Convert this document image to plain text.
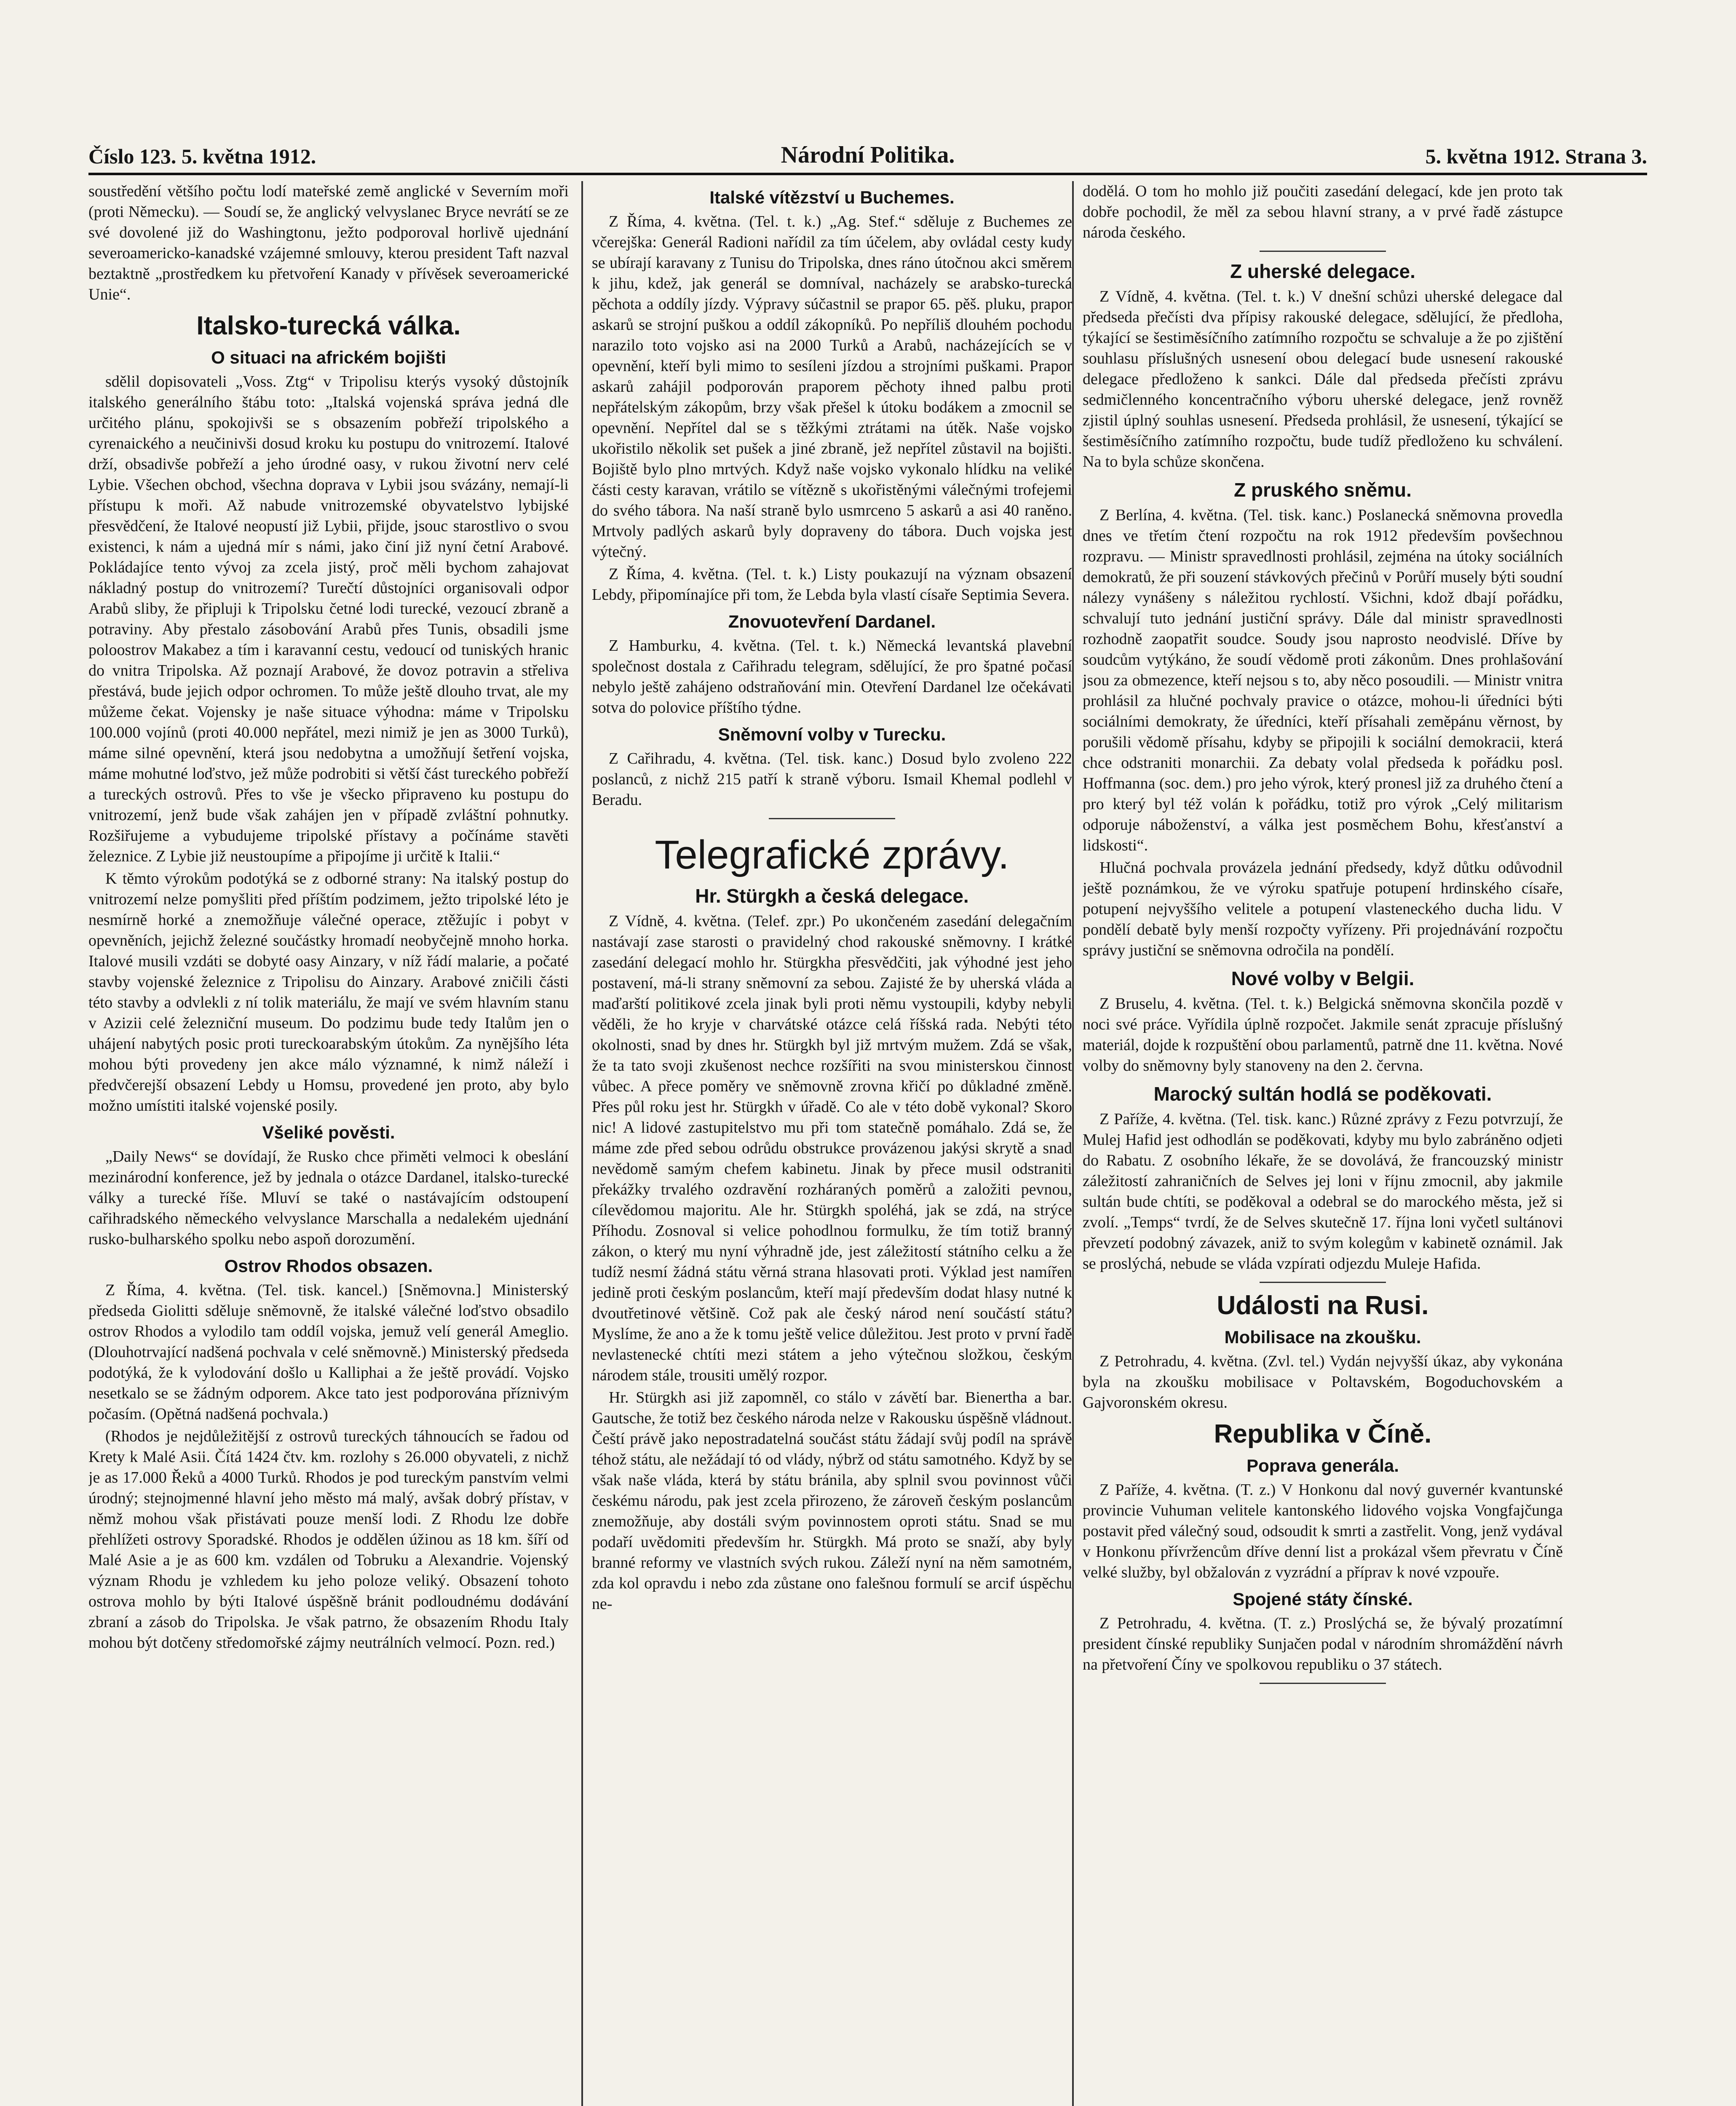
Číslo 123. 5. května 1912.	Národní Politika.	5. května 1912. Strana 3.

soustředění většího počtu lodí mateřské země anglické v Severním moři (proti Německu). — Soudí se, že anglický velvyslanec Bryce nevrátí se ze své dovolené již do Washingtonu, ježto podporoval horlivě ujednání severoamericko-kanadské vzájemné smlouvy, kterou president Taft nazval beztaktně „prostředkem ku přetvoření Kanady v přívěsek severoamerické Unie“.

Italsko-turecká válka.
O situaci na africkém bojišti

sdělil dopisovateli „Voss. Ztg“ v Tripolisu kterýs vysoký důstojník italského generálního štábu toto: „Italská vojenská správa jedná dle určitého plánu, spokojivši se s obsazením pobřeží tripolského a cyrenaického a neučinivši dosud kroku ku postupu do vnitrozemí. Italové drží, obsadivše pobřeží a jeho úrodné oasy, v rukou životní nerv celé Lybie. Všechen obchod, všechna doprava v Lybii jsou svázány, nemají-li přístupu k moři. Až nabude vnitrozemské obyvatelstvo lybijské přesvědčení, že Italové neopustí již Lybii, přijde, jsouc starostlivo o svou existenci, k nám a ujedná mír s námi, jako činí již nyní četní Arabové. Pokládajíce tento vývoj za zcela jistý, proč měli bychom zahajovat nákladný postup do vnitrozemí? Turečtí důstojníci organisovali odpor Arabů sliby, že připluji k Tripolsku četné lodi turecké, vezoucí zbraně a potraviny. Aby přestalo zásobování Arabů přes Tunis, obsadili jsme poloostrov Makabez a tím i karavanní cestu, vedoucí od tuniských hranic do vnitra Tripolska. Až poznají Arabové, že dovoz potravin a střeliva přestává, bude jejich odpor ochromen. To může ještě dlouho trvat, ale my můžeme čekat. Vojensky je naše situace výhodna: máme v Tripolsku 100.000 vojínů (proti 40.000 nepřátel, mezi nimiž je jen as 3000 Turků), máme silné opevnění, která jsou nedobytna a umožňují šetření vojska, máme mohutné loďstvo, jež může podrobiti si větší část tureckého pobřeží a tureckých ostrovů. Přes to vše je všecko připraveno ku postupu do vnitrozemí, jenž bude však zahájen jen v případě zvláštní pohnutky. Rozšiřujeme a vybudujeme tripolské přístavy a počínáme stavěti železnice. Z Lybie již neustoupíme a připojíme ji určitě k Italii.“

K těmto výrokům podotýká se z odborné strany: Na italský postup do vnitrozemí nelze pomyšliti před příštím podzimem, ježto tripolské léto je nesmírně horké a znemožňuje válečné operace, ztěžujíc i pobyt v opevněních, jejichž železné součástky hromadí neobyčejně mnoho horka. Italové musili vzdáti se dobyté oasy Ainzary, v níž řádí malarie, a počaté stavby vojenské železnice z Tripolisu do Ainzary. Arabové zničili části této stavby a odvlekli z ní tolik materiálu, že mají ve svém hlavním stanu v Azizii celé železniční museum. Do podzimu bude tedy Italům jen o uhájení nabytých posic proti tureckoarabským útokům. Za nynějšího léta mohou býti provedeny jen akce málo významné, k nimž náleží i předvčerejší obsazení Lebdy u Homsu, provedené jen proto, aby bylo možno umístiti italské vojenské posily.

Všeliké pověsti.

„Daily News“ se dovídají, že Rusko chce přiměti velmoci k obeslání mezinárodní konference, jež by jednala o otázce Dardanel, italsko-turecké války a turecké říše. Mluví se také o nastávajícím odstoupení cařihradského německého velvyslance Marschalla a nedalekém ujednání rusko-bulharského spolku nebo aspoň dorozumění.

Ostrov Rhodos obsazen.

Z Říma, 4. května. (Tel. tisk. kancel.) [Sněmovna.] Ministerský předseda Giolitti sděluje sněmovně, že italské válečné loďstvo obsadilo ostrov Rhodos a vylodilo tam oddíl vojska, jemuž velí generál Ameglio. (Dlouhotrvající nadšená pochvala v celé sněmovně.) Ministerský předseda podotýká, že k vylodování došlo u Kalliphai a že ještě provádí. Vojsko nesetkalo se se žádným odporem. Akce tato jest podporována příznivým počasím. (Opětná nadšená pochvala.)

(Rhodos je nejdůležitější z ostrovů tureckých táhnoucích se řadou od Krety k Malé Asii. Čítá 1424 čtv. km. rozlohy s 26.000 obyvateli, z nichž je as 17.000 Řeků a 4000 Turků. Rhodos je pod tureckým panstvím velmi úrodný; stejnojmenné hlavní jeho město má malý, avšak dobrý přístav, v němž mohou však přistávati pouze menší lodi. Z Rhodu lze dobře přehlížeti ostrovy Sporadské. Rhodos je oddělen úžinou as 18 km. šíří od Malé Asie a je as 600 km. vzdálen od Tobruku a Alexandrie. Vojenský význam Rhodu je vzhledem ku jeho poloze veliký. Obsazení tohoto ostrova mohlo by býti Italové úspěšně bránit podloudnému dodávání zbraní a zásob do Tripolska. Je však patrno, že obsazením Rhodu Italy mohou být dotčeny středomořské zájmy neutrálních velmocí. Pozn. red.)

Italské vítězství u Buchemes.

Z Říma, 4. května. (Tel. t. k.) „Ag. Stef.“ sděluje z Buchemes ze včerejška: Generál Radioni nařídil za tím účelem, aby ovládal cesty kudy se ubírají karavany z Tunisu do Tripolska, dnes ráno útočnou akci směrem k jihu, kdež, jak generál se domníval, nacházely se arabsko-turecká pěchota a oddíly jízdy. Výpravy súčastnil se prapor 65. pěš. pluku, prapor askarů se strojní puškou a oddíl zákopníků. Po nepříliš dlouhém pochodu narazilo toto vojsko asi na 2000 Turků a Arabů, nacházejících se v opevnění, kteří byli mimo to sesíleni jízdou a strojními puškami. Prapor askarů zahájil podporován praporem pěchoty ihned palbu proti nepřátelským zákopům, brzy však přešel k útoku bodákem a zmocnil se opevnění. Nepřítel dal se s těžkými ztrátami na útěk. Naše vojsko ukořistilo několik set pušek a jiné zbraně, jež nepřítel zůstavil na bojišti. Bojiště bylo plno mrtvých. Když naše vojsko vykonalo hlídku na veliké části cesty karavan, vrátilo se vítězně s ukořistěnými válečnými trofejemi do svého tábora. Na naší straně bylo usmrceno 5 askarů a asi 40 raněno. Mrtvoly padlých askarů byly dopraveny do tábora. Duch vojska jest výtečný.

Z Říma, 4. května. (Tel. t. k.) Listy poukazují na význam obsazení Lebdy, připomínajíce při tom, že Lebda byla vlastí císaře Septimia Severa.

Znovuotevření Dardanel.

Z Hamburku, 4. května. (Tel. t. k.) Německá levantská plavební společnost dostala z Cařihradu telegram, sdělující, že pro špatné počasí nebylo ještě zahájeno odstraňování min. Otevření Dardanel lze očekávati sotva do polovice příštího týdne.

Sněmovní volby v Turecku.

Z Cařihradu, 4. května. (Tel. tisk. kanc.) Dosud bylo zvoleno 222 poslanců, z nichž 215 patří k straně výboru. Ismail Khemal podlehl v Beradu.

Telegrafické zprávy.
Hr. Stürgkh a česká delegace.

Z Vídně, 4. května. (Telef. zpr.) Po ukončeném zasedání delegačním nastávají zase starosti o pravidelný chod rakouské sněmovny. I krátké zasedání delegací mohlo hr. Stürgkha přesvědčiti, jak výhodné jest jeho postavení, má-li strany sněmovní za sebou. Zajisté že by uherská vláda a maďarští politikové zcela jinak byli proti němu vystoupili, kdyby nebyli věděli, že ho kryje v charvátské otázce celá říšská rada. Nebýti této okolnosti, snad by dnes hr. Stürgkh byl již mrtvým mužem. Zdá se však, že ta tato svoji zkušenost nechce rozšířiti na svou ministerskou činnost vůbec. A přece poměry ve sněmovně zrovna křičí po důkladné změně. Přes půl roku jest hr. Stürgkh v úřadě. Co ale v této době vykonal? Skoro nic! A lidové zastupitelstvo mu při tom statečně pomáhalo. Zdá se, že máme zde před sebou odrůdu obstrukce provázenou jakýsi skrytě a snad nevědomě samým chefem kabinetu. Jinak by přece musil odstraniti překážky trvalého ozdravění rozháraných poměrů a založiti pevnou, cílevědomou majoritu. Ale hr. Stürgkh spoléhá, jak se zdá, na strýce Příhodu. Zosnoval si velice pohodlnou formulku, že tím totiž branný zákon, o který mu nyní výhradně jde, jest záležitostí státního celku a že tudíž nesmí žádná státu věrná strana hlasovati proti. Výklad jest namířen jedině proti českým poslancům, kteří mají především dodat hlasy nutné k dvoutřetinové většině. Což pak ale český národ není součástí státu? Myslíme, že ano a že k tomu ještě velice důležitou. Jest proto v první řadě nevlastenecké chtíti mezi státem a jeho výtečnou složkou, českým národem stále, trousiti umělý rozpor.

Hr. Stürgkh asi již zapomněl, co stálo v závětí bar. Bienertha a bar. Gautsche, že totiž bez českého národa nelze v Rakousku úspěšně vládnout. Čeští právě jako nepostradatelná součást státu žádají svůj podíl na správě téhož státu, ale nežádají tó od vlády, nýbrž od státu samotného. Když by se však naše vláda, která by státu bránila, aby splnil svou povinnost vůči českému národu, pak jest zcela přirozeno, že zároveň českým poslancům znemožňuje, aby dostáli svým povinnostem oproti státu. Snad se mu podaří uvědomiti především hr. Stürgkh. Má proto se snaží, aby byly branné reformy ve vlastních svých rukou. Záleží nyní na něm samotném, zda kol opravdu i nebo zda zůstane ono falešnou formulí se arcif úspěchu ne-

dodělá. O tom ho mohlo již poučiti zasedání delegací, kde jen proto tak dobře pochodil, že měl za sebou hlavní strany, a v prvé řadě zástupce národa českého.

Z uherské delegace.

Z Vídně, 4. května. (Tel. t. k.) V dnešní schůzi uherské delegace dal předseda přečísti dva přípisy rakouské delegace, sdělující, že předloha, týkající se šestiměsíčního zatímního rozpočtu se schvaluje a že po zjištění souhlasu příslušných usnesení obou delegací bude usnesení rakouské delegace předloženo k sankci. Dále dal předseda přečísti zprávu sedmičlenného koncentračního výboru uherské delegace, jenž rovněž zjistil úplný souhlas usnesení. Předseda prohlásil, že usnesení, týkající se šestiměsíčního zatímního rozpočtu, bude tudíž předloženo ku schválení. Na to byla schůze skončena.

Z pruského sněmu.

Z Berlína, 4. května. (Tel. tisk. kanc.) Poslanecká sněmovna provedla dnes ve třetím čtení rozpočtu na rok 1912 především povšechnou rozpravu. — Ministr spravedlnosti prohlásil, zejména na útoky sociálních demokratů, že při souzení stávkových přečinů v Porůří musely býti soudní nálezy vynášeny s náležitou rychlostí. Všichni, kdož dbají pořádku, schvalují tuto jednání justiční správy. Dále dal ministr spravedlnosti rozhodně zaopatřit soudce. Soudy jsou naprosto neodvislé. Dříve by soudcům vytýkáno, že soudí vědomě proti zákonům. Dnes prohlašování jsou za obmezence, kteří nejsou s to, aby něco posoudili. — Ministr vnitra prohlásil za hlučné pochvaly pravice o otázce, mohou-li úředníci býti sociálními demokraty, že úředníci, kteří přísahali zeměpánu věrnost, by porušili vědomě přísahu, kdyby se připojili k sociální demokracii, která chce odstraniti monarchii. Za debaty volal předseda k pořádku posl. Hoffmanna (soc. dem.) pro jeho výrok, který pronesl již za druhého čtení a pro který byl též volán k pořádku, totiž pro výrok „Celý militarism odporuje náboženství, a válka jest posměchem Bohu, křesťanství a lidskosti“.

Hlučná pochvala provázela jednání předsedy, když důtku odůvodnil ještě poznámkou, že ve výroku spatřuje potupení hrdinského císaře, potupení nejvyššího velitele a potupení vlasteneckého ducha lidu. V pondělí debatě byly menší rozpočty vyřízeny. Při projednávání rozpočtu správy justiční se sněmovna odročila na pondělí.

Nové volby v Belgii.

Z Bruselu, 4. května. (Tel. t. k.) Belgická sněmovna skončila pozdě v noci své práce. Vyřídila úplně rozpočet. Jakmile senát zpracuje příslušný materiál, dojde k rozpuštění obou parlamentů, patrně dne 11. května. Nové volby do sněmovny byly stanoveny na den 2. června.

Marocký sultán hodlá se poděkovati.

Z Paříže, 4. května. (Tel. tisk. kanc.) Různé zprávy z Fezu potvrzují, že Mulej Hafid jest odhodlán se poděkovati, kdyby mu bylo zabráněno odjeti do Rabatu. Z osobního lékaře, že se dovolává, že francouzský ministr záležitostí zahraničních de Selves jej loni v říjnu zmocnil, aby jakmile sultán bude chtíti, se poděkoval a odebral se do marockého města, jež si zvolí. „Temps“ tvrdí, že de Selves skutečně 17. října loni vyčetl sultánovi převzetí podobný závazek, aniž to svým kolegům v kabinetě oznámil. Jak se proslýchá, nebude se vláda vzpírati odjezdu Muleje Hafida.

Události na Rusi.
Mobilisace na zkoušku.

Z Petrohradu, 4. května. (Zvl. tel.) Vydán nejvyšší úkaz, aby vykonána byla na zkoušku mobilisace v Poltavském, Bogoduchovském a Gajvoronském okresu.

Republika v Číně.
Poprava generála.

Z Paříže, 4. května. (T. z.) V Honkonu dal nový guvernér kvantunské provincie Vuhuman velitele kantonského lidového vojska Vongfajčunga postavit před válečný soud, odsoudit k smrti a zastřelit. Vong, jenž vydával v Honkonu přívržencům dříve denní list a prokázal všem převratu v Číně velké služby, byl obžalován z vyzrádní a příprav k nové vzpouře.

Spojené státy čínské.

Z Petrohradu, 4. května. (T. z.) Proslýchá se, že bývalý prozatímní president čínské republiky Sunjačen podal v národním shromáždění návrh na přetvoření Číny ve spolkovou republiku o 37 státech.
